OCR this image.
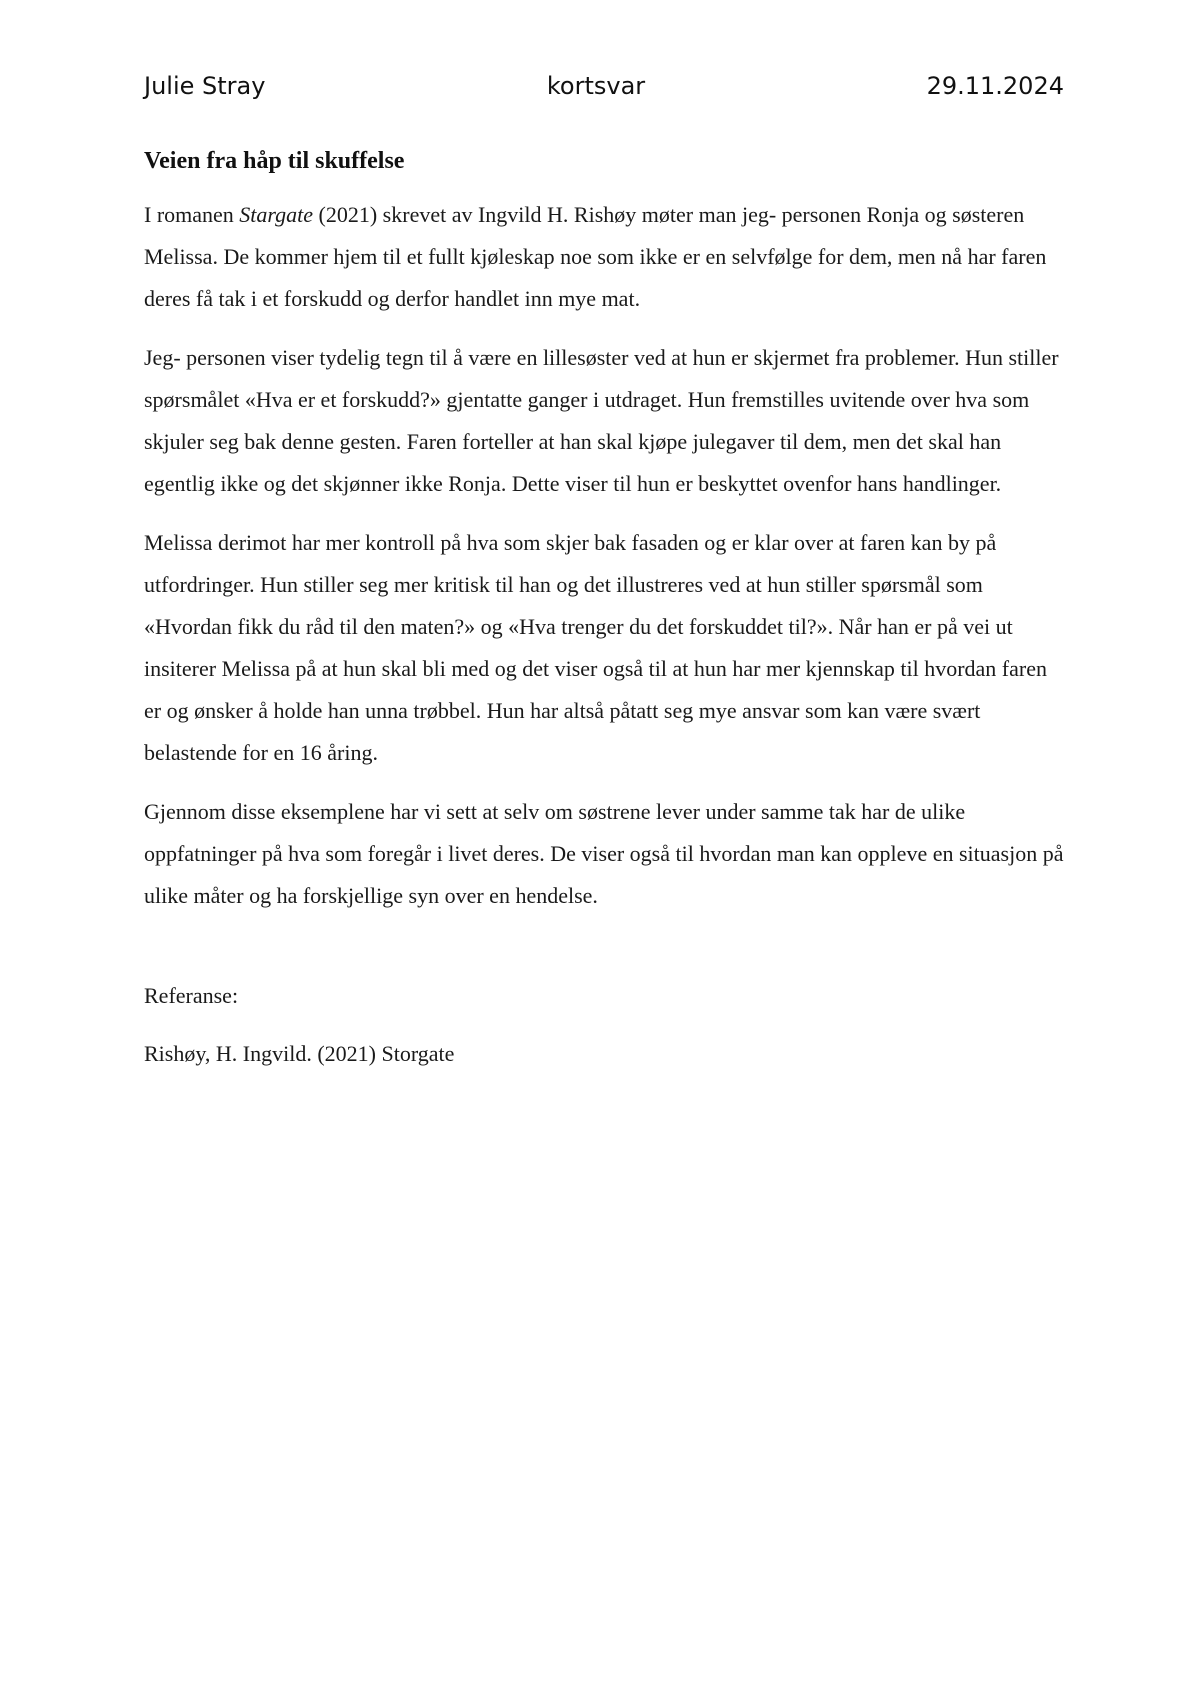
Julie Stray	kortsvar	29.11.2024
Veien fra håp til skuffelse

I romanen Stargate (2021) skrevet av Ingvild H. Rishøy møter man jeg- personen Ronja og søsteren Melissa. De kommer hjem til et fullt kjøleskap noe som ikke er en selvfølge for dem, men nå har faren deres få tak i et forskudd og derfor handlet inn mye mat.

Jeg- personen viser tydelig tegn til å være en lillesøster ved at hun er skjermet fra problemer. Hun stiller spørsmålet «Hva er et forskudd?» gjentatte ganger i utdraget. Hun fremstilles uvitende over hva som skjuler seg bak denne gesten. Faren forteller at han skal kjøpe julegaver til dem, men det skal han egentlig ikke og det skjønner ikke Ronja. Dette viser til hun er beskyttet ovenfor hans handlinger.

Melissa derimot har mer kontroll på hva som skjer bak fasaden og er klar over at faren kan by på utfordringer. Hun stiller seg mer kritisk til han og det illustreres ved at hun stiller spørsmål som «Hvordan fikk du råd til den maten?» og «Hva trenger du det forskuddet til?». Når han er på vei ut insiterer Melissa på at hun skal bli med og det viser også til at hun har mer kjennskap til hvordan faren er og ønsker å holde han unna trøbbel. Hun har altså påtatt seg mye ansvar som kan være svært belastende for en 16 åring.

Gjennom disse eksemplene har vi sett at selv om søstrene lever under samme tak har de ulike oppfatninger på hva som foregår i livet deres. De viser også til hvordan man kan oppleve en situasjon på ulike måter og ha forskjellige syn over en hendelse.

Referanse:

Rishøy, H. Ingvild. (2021) Storgate
